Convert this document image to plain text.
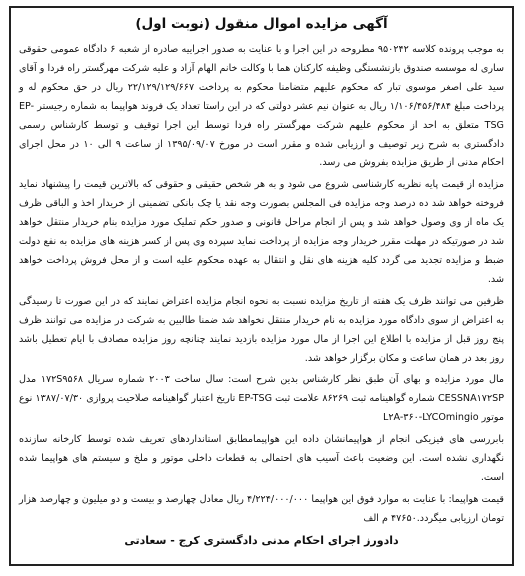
آگهی مزایده اموال منقول (نوبت اول)

به موجب پرونده کلاسه ۹۵۰۲۴۲ مطروحه در این اجرا و با عنایت به صدور اجراییه صادره از شعبه ۶ دادگاه عمومی حقوقی ساری له موسسه صندوق بازنشستگی وظیفه کارکنان هما با وکالت خانم الهام آزاد و علیه شرکت مهرگستر راه فردا و آقای سید علی اصغر موسوی تبار که محکوم علیهم متضامنا محکوم به پرداخت ۲۲/۱۲۹/۱۲۹/۶۶۷ ریال در حق محکوم له و پرداخت مبلغ ۱/۱۰۶/۴۵۶/۴۸۴ ریال به عنوان نیم عشر دولتی که در این راستا تعداد یک فروند هواپیما به شماره رجیستر EP-TSG متعلق به احد از محکوم علیهم شرکت مهرگستر راه فردا توسط این اجرا توقیف و توسط کارشناس رسمی دادگستری به شرح زیر توصیف و ارزیابی شده و مقرر است در مورخ ۱۳۹۵/۰۹/۰۷ از ساعت ۹ الی ۱۰ در محل اجرای احکام مدنی از طریق مزایده بفروش می رسد.

مزایده از قیمت پایه نظریه کارشناسی شروع می شود و به هر شخص حقیقی و حقوقی که بالاترین قیمت را پیشنهاد نماید فروخته خواهد شد ده درصد وجه مزایده فی المجلس بصورت وجه نقد یا چک بانکی تضمینی از خریدار اخذ و الباقی ظرف یک ماه از وی وصول خواهد شد و پس از انجام مراحل قانونی و صدور حکم تملیک مورد مزایده بنام خریدار منتقل خواهد شد در صورتیکه در مهلت مقرر خریدار وجه مزایده از پرداخت نماید سپرده وی پس از کسر هزینه های مزایده به نفع دولت ضبط و مزایده تجدید می گردد کلیه هزینه های نقل و انتقال به عهده محکوم علیه است و از محل فروش پرداخت خواهد شد.

ظرفین می توانند ظرف یک هفته از تاریخ مزایده نسبت به نحوه انجام مزایده اعتراض نمایند که در این صورت تا رسیدگی به اعتراض از سوی دادگاه مورد مزایده به نام خریدار منتقل نخواهد شد ضمنا طالبین به شرکت در مزایده می توانند ظرف پنج روز قبل از مزایده با اطلاع این اجرا از مال مورد مزایده بازدید نمایند چنانچه روز مزایده مصادف با ایام تعطیل باشد روز بعد در همان ساعت و مکان برگزار خواهد شد.

مال مورد مزایده و بهای آن طبق نظر کارشناس بدین شرح است: سال ساخت ۲۰۰۳ شماره سریال ۱۷۲S۹۵۶۸ مدل CESSNA۱۷۲SP شماره گواهینامه ثبت ۸۶۲۶۹ علامت ثبت EP-TSG تاریخ اعتبار گواهینامه صلاحیت پروازی ۱۳۸۷/۰۷/۳۰ نوع موتور L۲A-۳۶۰-LYCOmingio

بابررسی های فیزیکی انجام از هواپیمانشان داده این هواپیمامطابق استانداردهای تعریف شده توسط کارخانه سازنده نگهداری نشده است. این وضعیت باعث آسیب های احتمالی به قطعات داخلی موتور و ملخ و سیستم های هواپیما شده است.

قیمت هواپیما: با عنایت به موارد فوق این هواپیما ۴/۲۲۴/۰۰۰/۰۰۰ ریال معادل چهارصد و بیست و دو میلیون و چهارصد هزار تومان ارزیابی میگردد.۴۷۶۵۰ م الف

دادورز اجرای احکام مدنی دادگستری کرج - سعادتی
